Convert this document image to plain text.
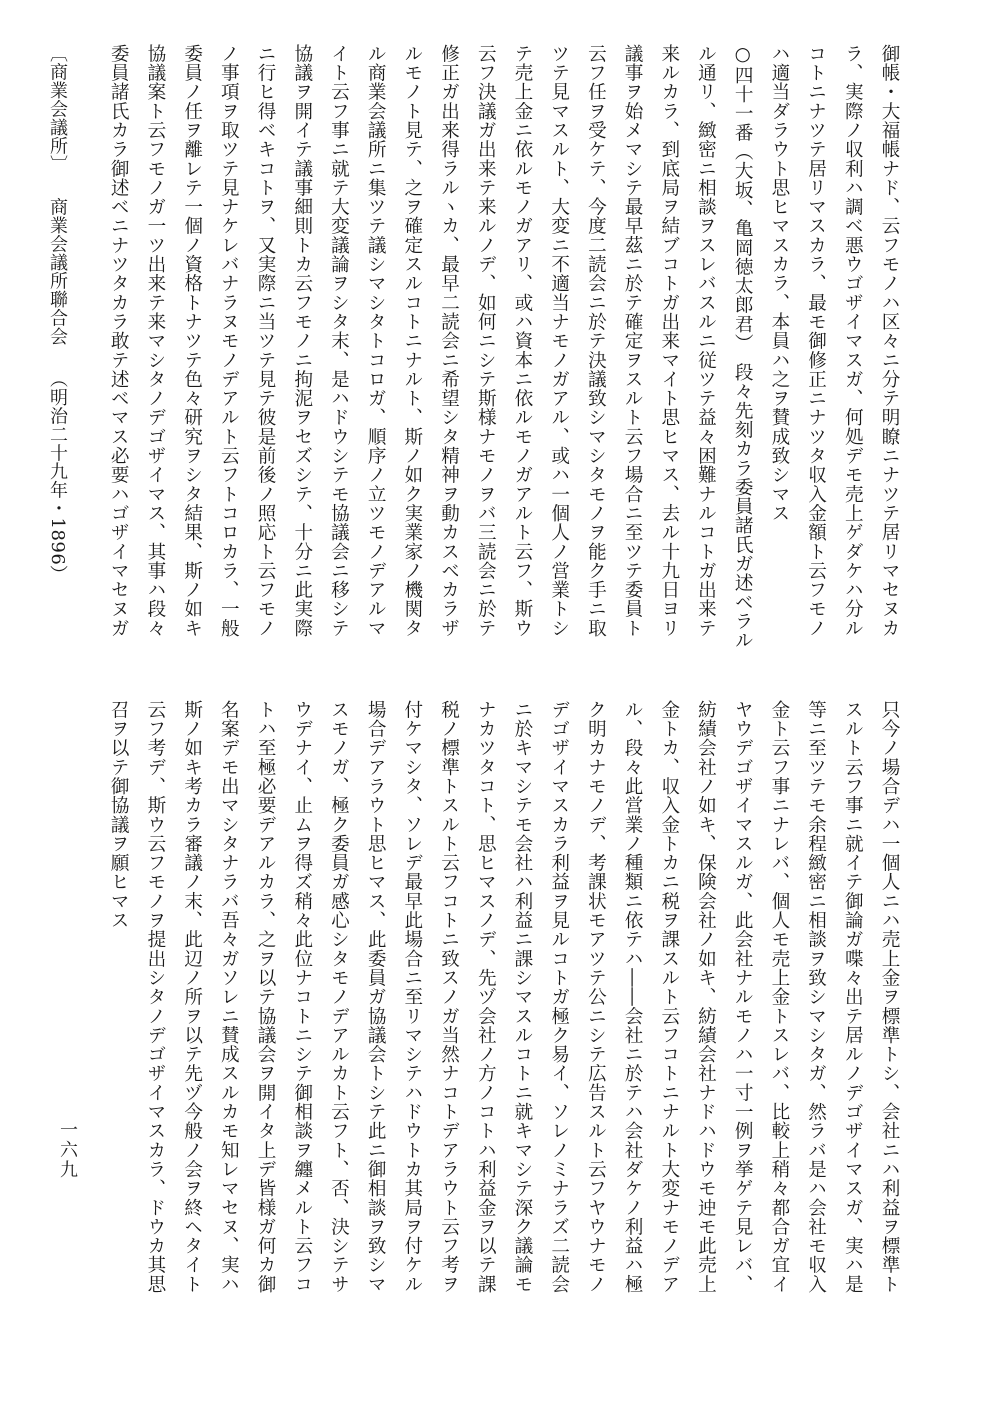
〔商業会議所〕商業会議所聯合会（明治二十九年・1896）	御帳・大福帳ナド、云フモノハ区々ニ分テ明瞭ニナツテ居リマセヌカ
ラ、実際ノ収利ハ調ベ悪ウゴザイマスガ、何処デモ売上ゲダケハ分ル
コトニナツテ居リマスカラ、最モ御修正ニナツタ収入金額ト云フモノ
ハ適当ダラウト思ヒマスカラ、本員ハ之ヲ賛成致シマス
○四十一番（大坂、亀岡徳太郎君）　段々先刻カラ委員諸氏ガ述ベラル
ル通リ、緻密ニ相談ヲスレバスルニ従ツテ益々困難ナルコトガ出来テ
来ルカラ、到底局ヲ結ブコトガ出来マイト思ヒマス、去ル十九日ヨリ
議事ヲ始メマシテ最早茲ニ於テ確定ヲスルト云フ場合ニ至ツテ委員ト
云フ任ヲ受ケテ、今度二読会ニ於テ決議致シマシタモノヲ能ク手ニ取
ツテ見マスルト、大変ニ不適当ナモノガアル、或ハ一個人ノ営業トシ
テ売上金ニ依ルモノガアリ、或ハ資本ニ依ルモノガアルト云フ、斯ウ
云フ決議ガ出来テ来ルノデ、如何ニシテ斯様ナモノヲバ三読会ニ於テ
修正ガ出来得ラルヽカ、最早二読会ニ希望シタ精神ヲ動カスベカラザ
ルモノト見テ、之ヲ確定スルコトニナルト、斯ノ如ク実業家ノ機関タ
ル商業会議所ニ集ツテ議シマシタトコロガ、順序ノ立ツモノデアルマ
イト云フ事ニ就テ大変議論ヲシタ末、是ハドウシテモ協議会ニ移シテ
協議ヲ開イテ議事細則トカ云フモノニ拘泥ヲセズシテ、十分ニ此実際
ニ行ヒ得ベキコトヲ、又実際ニ当ツテ見テ彼是前後ノ照応ト云フモノ
ノ事項ヲ取ツテ見ナケレバナラヌモノデアルト云フトコロカラ、一般
委員ノ任ヲ離レテ一個ノ資格トナツテ色々研究ヲシタ結果、斯ノ如キ
協議案ト云フモノガ一ツ出来テ来マシタノデゴザイマス、其事ハ段々
委員諸氏カラ御述ベニナツタカラ敢テ述ベマス必要ハゴザイマセヌガ
只今ノ場合デハ一個人ニハ売上金ヲ標準トシ、会社ニハ利益ヲ標準ト
スルト云フ事ニ就イテ御論ガ喋々出テ居ルノデゴザイマスガ、実ハ是
等ニ至ツテモ余程緻密ニ相談ヲ致シマシタガ、然ラバ是ハ会社モ収入
金ト云フ事ニナレバ、個人モ売上金トスレバ、比較上稍々都合ガ宜イ
ヤウデゴザイマスルガ、此会社ナルモノハ一寸一例ヲ挙ゲテ見レバ、
紡績会社ノ如キ、保険会社ノ如キ、紡績会社ナドハドウモ迚モ此売上
金トカ、収入金トカニ税ヲ課スルト云フコトニナルト大変ナモノデア
ル、段々此営業ノ種類ニ依テハ――会社ニ於テハ会社ダケノ利益ハ極
ク明カナモノデ、考課状モアツテ公ニシテ広告スルト云フヤウナモノ
デゴザイマスカラ利益ヲ見ルコトガ極ク易イ、ソレノミナラズ二読会
ニ於キマシテモ会社ハ利益ニ課シマスルコトニ就キマシテ深ク議論モ
ナカツタコト、思ヒマスノデ、先ヅ会社ノ方ノコトハ利益金ヲ以テ課
税ノ標準トスルト云フコトニ致スノガ当然ナコトデアラウト云フ考ヲ
付ケマシタ、ソレデ最早此場合ニ至リマシテハドウトカ其局ヲ付ケル
場合デアラウト思ヒマス、此委員ガ協議会トシテ此ニ御相談ヲ致シマ
スモノガ、極ク委員ガ感心シタモノデアルカト云フト、否、決シテサ
ウデナイ、止ムヲ得ズ稍々此位ナコトニシテ御相談ヲ纏メルト云フコ
トハ至極必要デアルカラ、之ヲ以テ協議会ヲ開イタ上デ皆様ガ何カ御
名案デモ出マシタナラバ吾々ガソレニ賛成スルカモ知レマセヌ、実ハ
斯ノ如キ考カラ審議ノ末、此辺ノ所ヲ以テ先ヅ今般ノ会ヲ終ヘタイト
云フ考デ、斯ウ云フモノヲ提出シタノデゴザイマスカラ、ドウカ其思
召ヲ以テ御協議ヲ願ヒマス
一六九
